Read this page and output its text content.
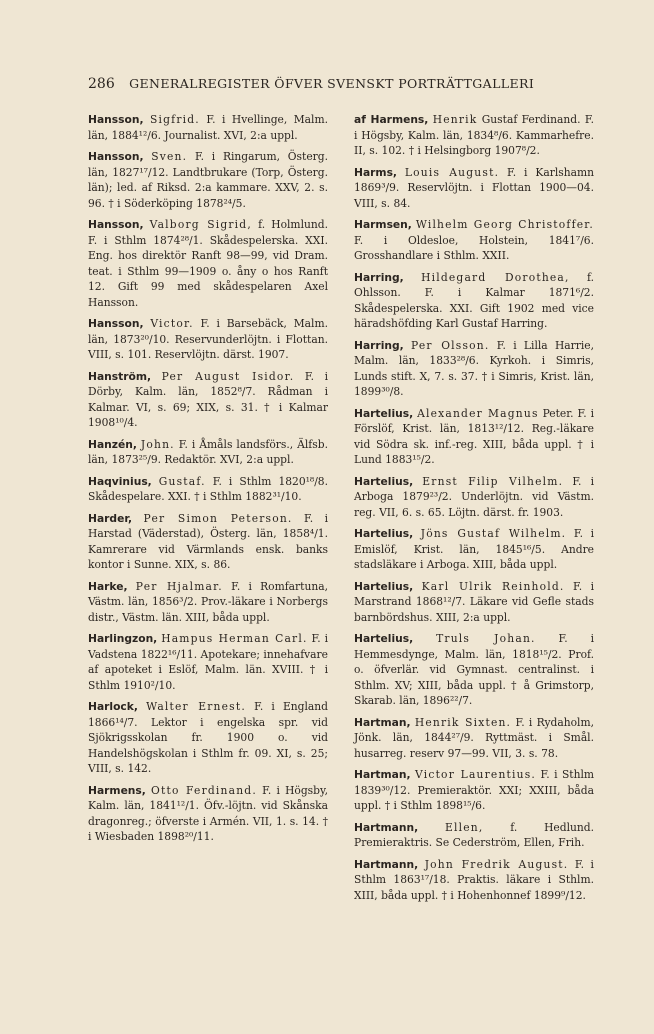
286 GENERALREGISTER ÖFVER SVENSKT PORTRÄTTGALLERI

Hansson, Sigfrid. F. i Hvellinge, Malm. län, 1884¹²/6. Journalist. XVI, 2:a uppl.

Hansson, Sven. F. i Ringarum, Österg. län, 1827¹⁷/12. Landtbrukare (Torp, Österg. län); led. af Riksd. 2:a kammare. XXV, 2. s. 96. † i Söderköping 1878²⁴/5.

Hansson, Valborg Sigrid, f. Holmlund. F. i Sthlm 1874²⁸/1. Skådespelerska. XXI. Eng. hos direktör Ranft 98—99, vid Dram. teat. i Sthlm 99—1909 o. åny o hos Ranft 12. Gift 99 med skådespelaren Axel Hansson.

Hansson, Victor. F. i Barsebäck, Malm. län, 1873²⁰/10. Reservunderlöjtn. i Flottan. VIII, s. 101. Reservlöjtn. därst. 1907.

Hanström, Per August Isidor. F. i Dörby, Kalm. län, 1852⁸/7. Rådman i Kalmar. VI, s. 69; XIX, s. 31. † i Kalmar 1908¹⁰/4.

Hanzén, John. F. i Åmåls landsförs., Älfsb. län, 1873²⁵/9. Redaktör. XVI, 2:a uppl.

Haqvinius, Gustaf. F. i Sthlm 1820¹⁸/8. Skådespelare. XXI. † i Sthlm 1882³¹/10.

Harder, Per Simon Peterson. F. i Harstad (Väderstad), Österg. län, 1858⁴/1. Kamrerare vid Värmlands ensk. banks kontor i Sunne. XIX, s. 86.

Harke, Per Hjalmar. F. i Romfartuna, Västm. län, 1856³/2. Prov.-läkare i Norbergs distr., Västm. län. XIII, båda uppl.

Harlingzon, Hampus Herman Carl. F. i Vadstena 1822¹⁶/11. Apotekare; innehafvare af apoteket i Eslöf, Malm. län. XVIII. † i Sthlm 1910²/10.

Harlock, Walter Ernest. F. i England 1866¹⁴/7. Lektor i engelska spr. vid Sjökrigsskolan fr. 1900 o. vid Handelshögskolan i Sthlm fr. 09. XI, s. 25; VIII, s. 142.

Harmens, Otto Ferdinand. F. i Högsby, Kalm. län, 1841¹²/1. Öfv.-löjtn. vid Skånska dragonreg.; öfverste i Armén. VII, 1. s. 14. † i Wiesbaden 1898²⁰/11.

af Harmens, Henrik Gustaf Ferdinand. F. i Högsby, Kalm. län, 1834⁸/6. Kammarhefre. II, s. 102. † i Helsingborg 1907⁸/2.

Harms, Louis August. F. i Karlshamn 1869³/9. Reservlöjtn. i Flottan 1900—04. VIII, s. 84.

Harmsen, Wilhelm Georg Christoffer. F. i Oldesloe, Holstein, 1841⁷/6. Grosshandlare i Sthlm. XXII.

Harring, Hildegard Dorothea, f. Ohlsson. F. i Kalmar 1871⁶/2. Skådespelerska. XXI. Gift 1902 med vice häradshöfding Karl Gustaf Harring.

Harring, Per Olsson. F. i Lilla Harrie, Malm. län, 1833²⁸/6. Kyrkoh. i Simris, Lunds stift. X, 7. s. 37. † i Simris, Krist. län, 1899³⁰/8.

Hartelius, Alexander Magnus Peter. F. i Förslöf, Krist. län, 1813¹²/12. Reg.-läkare vid Södra sk. inf.-reg. XIII, båda uppl. † i Lund 1883¹⁵/2.

Hartelius, Ernst Filip Vilhelm. F. i Arboga 1879²³/2. Underlöjtn. vid Västm. reg. VII, 6. s. 65. Löjtn. därst. fr. 1903.

Hartelius, Jöns Gustaf Wilhelm. F. i Emislöf, Krist. län, 1845¹⁶/5. Andre stadsläkare i Arboga. XIII, båda uppl.

Hartelius, Karl Ulrik Reinhold. F. i Marstrand 1868¹²/7. Läkare vid Gefle stads barnbördshus. XIII, 2:a uppl.

Hartelius, Truls Johan. F. i Hemmesdynge, Malm. län, 1818¹⁵/2. Prof. o. öfverlär. vid Gymnast. centralinst. i Sthlm. XV; XIII, båda uppl. † å Grimstorp, Skarab. län, 1896²²/7.

Hartman, Henrik Sixten. F. i Rydaholm, Jönk. län, 1844²⁷/9. Ryttmäst. i Smål. husarreg. reserv 97—99. VII, 3. s. 78.

Hartman, Victor Laurentius. F. i Sthlm 1839³⁰/12. Premieraktör. XXI; XXIII, båda uppl. † i Sthlm 1898¹⁵/6.

Hartmann,	Ellen,	f. Hedlund. Premieraktris. Se Cederström, Ellen, Frih.

Hartmann, John Fredrik August. F. i Sthlm 1863¹⁷/18. Praktis. läkare i Sthlm. XIII, båda uppl. † i Hohenhonnef 1899⁹/12.
